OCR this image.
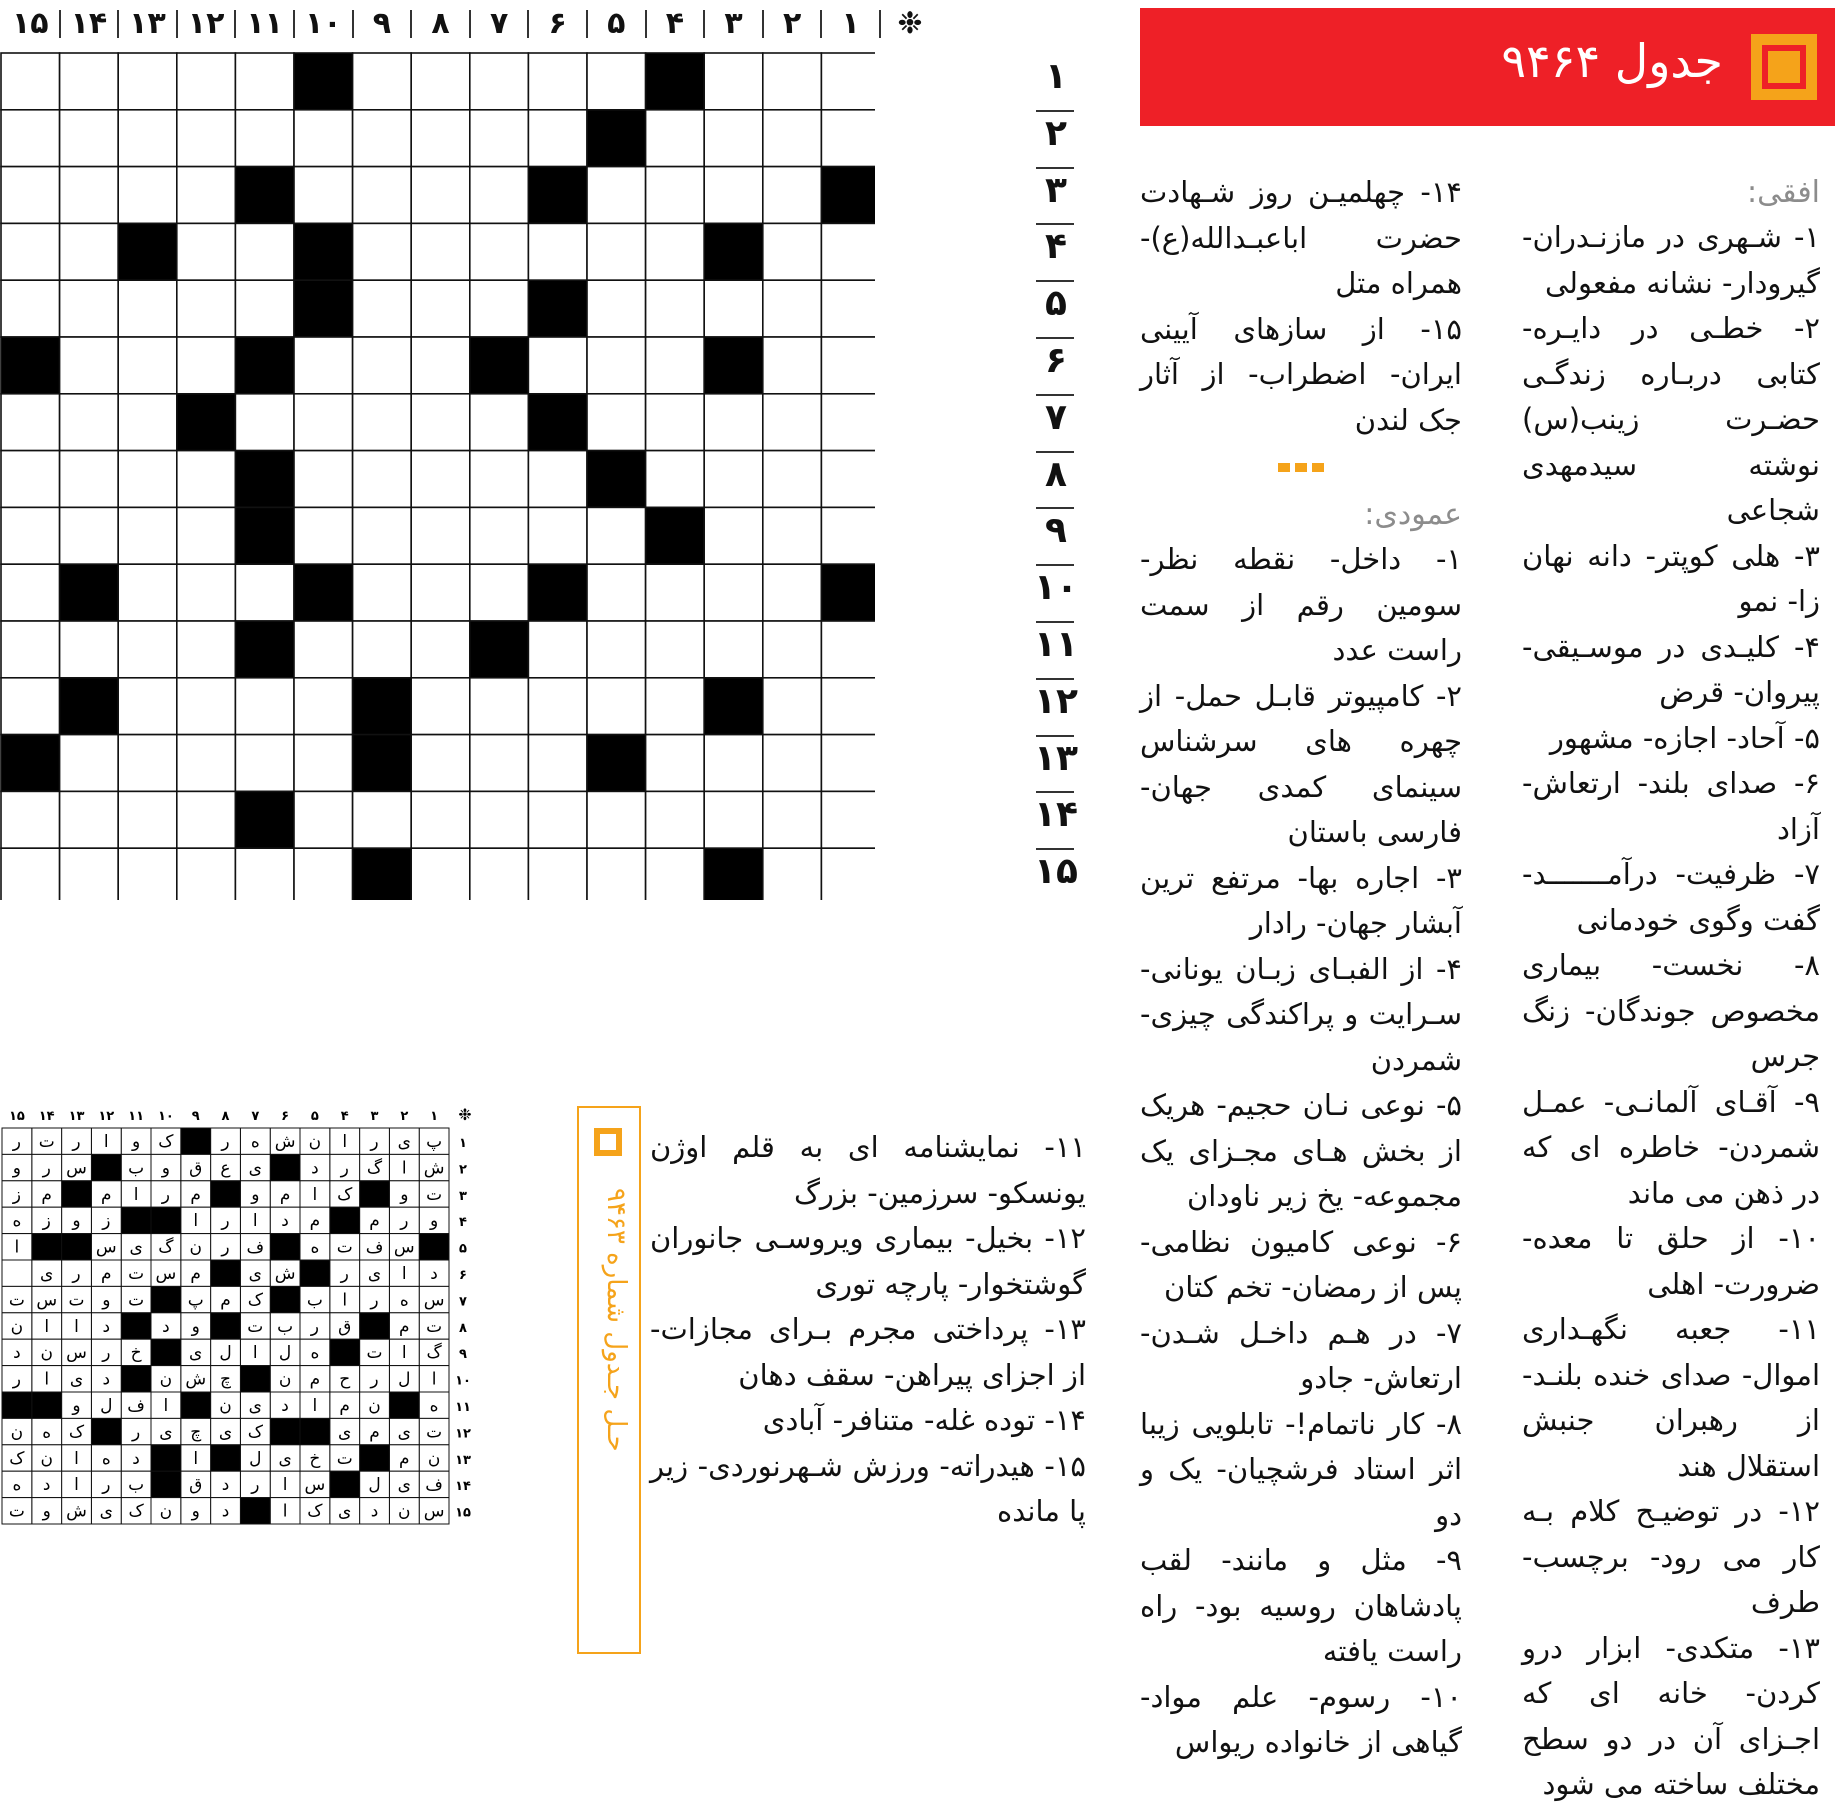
❉
۱
۲
۳
۴
۵
۶
۷
۸
۹
۱۰
۱۱
۱۲
۱۳
۱۴
۱۵
۱
۲
۳
۴
۵
۶
۷
۸
۹
۱۰
۱۱
۱۲
۱۳
۱۴
۱۵
جدول ۹۴۶۴

افقی:

۱- شـهری در مازنـدران- گیرودار- نشانه مفعولی

۲- خطـی در دایـره- کتابی دربـاره زندگـی حضـرت زینب(س) نوشته سیدمهدی شجاعی

۳- هلی کوپتر- دانه نهان زا- نمو

۴- کلیـدی در موسـیقی- پیروان- قرض

۵- آحاد- اجازه- مشهور

۶- صدای بلند- ارتعاش- آزاد

۷- ظرفیت- درآمـــــــد- گفت وگوی خودمانی

۸- نخست- بیماری مخصوص جوندگان- زنگ جرس

۹- آقـای آلمانـی- عمـل شمردن- خاطره ای که در ذهن می ماند

۱۰- از حلق تا معده- ضرورت- اهلی

۱۱- جعبه نگهـداری اموال- صدای خنده بلنـد- از رهبران جنبش استقلال هند

۱۲- در توضیـح کلام بـه کار می رود- برچسب- طرف

۱۳- متکدی- ابزار درو کردن- خانه ای که اجـزای آن در دو سطح مختلف ساخته می شود

۱۴- چهلمیـن روز شـهادت حضرت اباعبـدالله(ع)- همراه متل

۱۵- از سازهای آیینی ایران- اضطراب- از آثار جک لندن

عمودی:

۱- داخل- نقطه نظر- سومین رقم از سمت راست عدد

۲- کامپیوتر قابـل حمل- از چهره های سرشناس سینمای کمدی جهان- فارسی باستان

۳- اجاره بها- مرتفع ترین آبشار جهان- رادار

۴- از الفبـای زبـان یونانی- سـرایت و پراکندگی چیزی- شمردن

۵- نوعی نـان حجیم- هریک از بخش هـای مجـزای یک مجموعه- یخ زیر ناودان

۶- نوعی کامیون نظامی- پس از رمضان- تخم کتان

۷- در هـم داخـل شـدن- ارتعاش- جادو

۸- کار ناتمام!- تابلویی زیبا اثر استاد فرشچیان- یک و دو

۹- مثل و مانند- لقب پادشاهان روسیه بود- راه راست یافته

۱۰- رسوم- علم مواد- گیاهی از خانواده ریواس

۱۱- نمایشنامه ای به قلم اوژن یونسکو- سرزمین- بزرگ

۱۲- بخیل- بیماری ویروسـی جانوران گوشتخوار- پارچه توری

۱۳- پرداختی مجرم بـرای مجازات- از اجزای پیراهن- سقف دهان

۱۴- توده غله- متنافر- آبادی

۱۵- هیدراته- ورزش شـهرنوردی- زیر پا مانده

حـل جـدول شماره ۹۴۶۳
❉
۱
۲
۳
۴
۵
۶
۷
۸
۹
۱۰
۱۱
۱۲
۱۳
۱۴
۱۵
۱
۲
۳
۴
۵
۶
۷
۸
۹
۱۰
۱۱
۱۲
۱۳
۱۴
۱۵
پ
ی
ر
ا
ن
ش
ه
ر
ک
و
ا
ر
ت
ر
ش
ا
گ
ر
د
ی
ع
ق
و
ب
س
ر
و
ت
و
ک
ا
م
و
م
ر
ا
م
م
ز
و
ر
م
م
د
ا
ر
ا
ز
و
ز
ه
س
ف
ت
ه
ف
ر
ن
گ
ی
س
ا
د
ا
ی
ر
ش
ی
م
س
ت
م
ر
ی
س
ه
ر
ا
ب
ک
م
پ
ت
و
ت
س
ت
ت
م
ق
ر
ب
ت
و
د
د
ا
ا
ن
گ
ا
ت
ه
ل
ا
ل
ی
خ
ر
س
ن
د
ا
ل
ر
ح
م
ن
چ
ش
ن
د
ی
ا
ر
ه
ن
م
ا
د
ی
ن
ا
ف
ل
و
ت
ی
م
ی
ک
ی
چ
ی
ر
ک
ه
ن
ن
م
ت
خ
ی
ل
ا
د
ه
ا
ن
ک
ف
ی
ل
س
ا
ر
د
ق
ب
ر
ا
د
ه
س
ن
د
ی
ک
ا
د
و
ن
ک
ی
ش
و
ت
